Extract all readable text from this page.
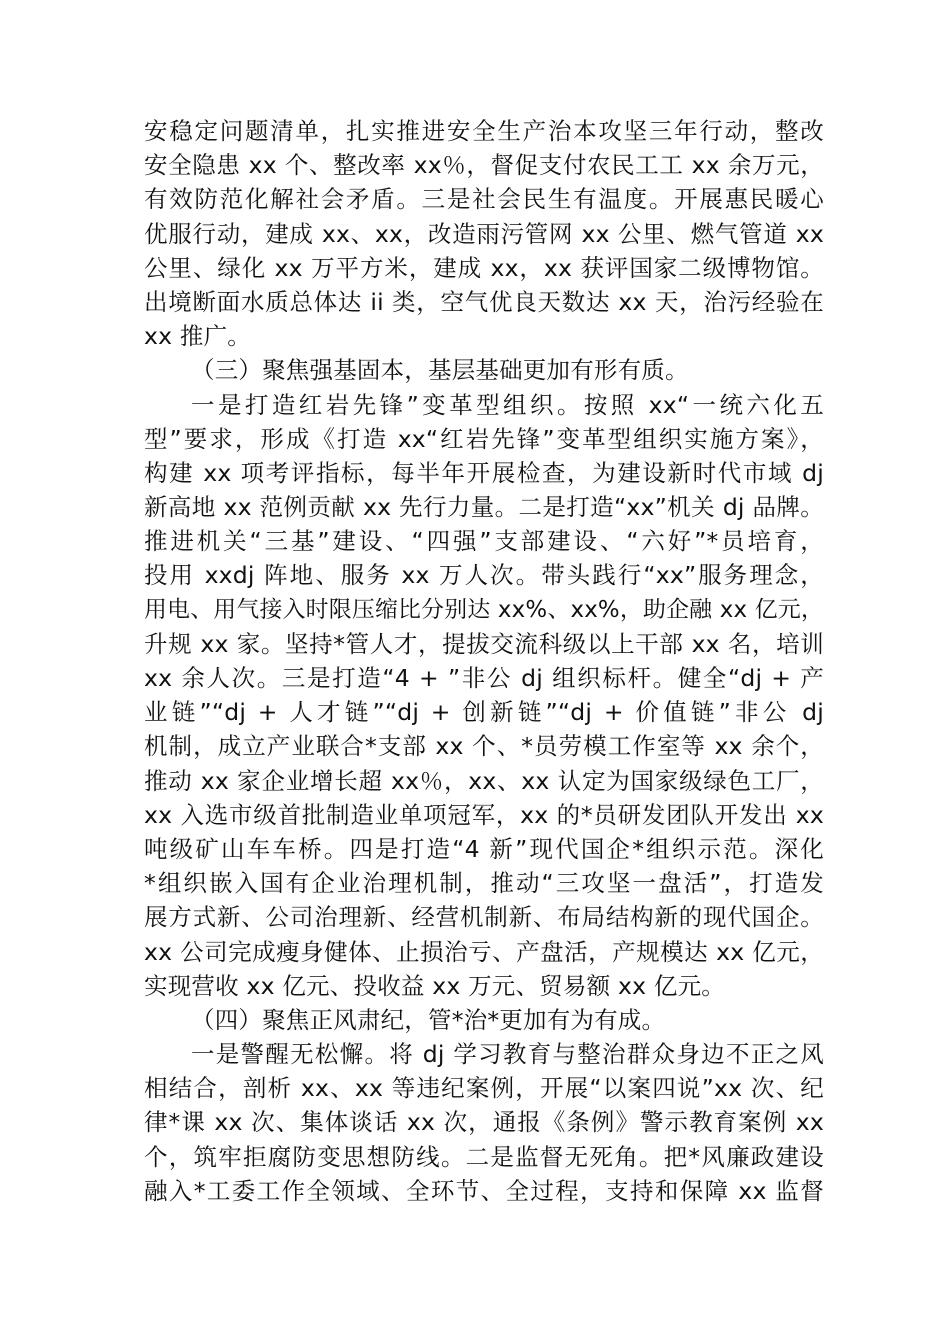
安稳定问题清单，扎实推进安全生产治本攻坚三年行动，整改
安全隐患 xx 个、整改率 xx％，督促支付农民工工 xx 余万元，
有效防范化解社会矛盾。三是社会民生有温度。开展惠民暖心
优服行动，建成 xx、xx，改造雨污管网 xx 公里、燃气管道 xx
公里、绿化 xx 万平方米，建成 xx，xx 获评国家二级博物馆。
出境断面水质总体达 ii 类，空气优良天数达 xx 天，治污经验在
xx 推广。
（三）聚焦强基固本，基层基础更加有形有质。
一是打造红岩先锋”变革型组织。按照 xx“一统六化五
型”要求，形成《打造 xx“红岩先锋”变革型组织实施方案》，
构建 xx 项考评指标，每半年开展检查，为建设新时代市域 dj
新高地 xx 范例贡献 xx 先行力量。二是打造“xx”机关 dj 品牌。
推进机关“三基”建设、“四强”支部建设、“六好”*员培育，
投用 xxdj 阵地、服务 xx 万人次。带头践行“xx”服务理念，
用电、用气接入时限压缩比分别达 xx%、xx%，助企融 xx 亿元，
升规 xx 家。坚持*管人才，提拔交流科级以上干部 xx 名，培训
xx 余人次。三是打造“4 + ”非公 dj 组织标杆。健全“dj + 产
业链”“dj + 人才链”“dj + 创新链”“dj + 价值链”非公 dj
机制，成立产业联合*支部 xx 个、*员劳模工作室等 xx 余个，
推动 xx 家企业增长超 xx％，xx、xx 认定为国家级绿色工厂，
xx 入选市级首批制造业单项冠军，xx 的*员研发团队开发出 xx
吨级矿山车车桥。四是打造“4 新”现代国企*组织示范。深化
*组织嵌入国有企业治理机制，推动“三攻坚一盘活”，打造发
展方式新、公司治理新、经营机制新、布局结构新的现代国企。
xx 公司完成瘦身健体、止损治亏、产盘活，产规模达 xx 亿元，
实现营收 xx 亿元、投收益 xx 万元、贸易额 xx 亿元。
（四）聚焦正风肃纪，管*治*更加有为有成。
一是警醒无松懈。将 dj 学习教育与整治群众身边不正之风
相结合，剖析 xx、xx 等违纪案例，开展“以案四说”xx 次、纪
律*课 xx 次、集体谈话 xx 次，通报《条例》警示教育案例 xx
个，筑牢拒腐防变思想防线。二是监督无死角。把*风廉政建设
融入*工委工作全领域、全环节、全过程，支持和保障 xx 监督
